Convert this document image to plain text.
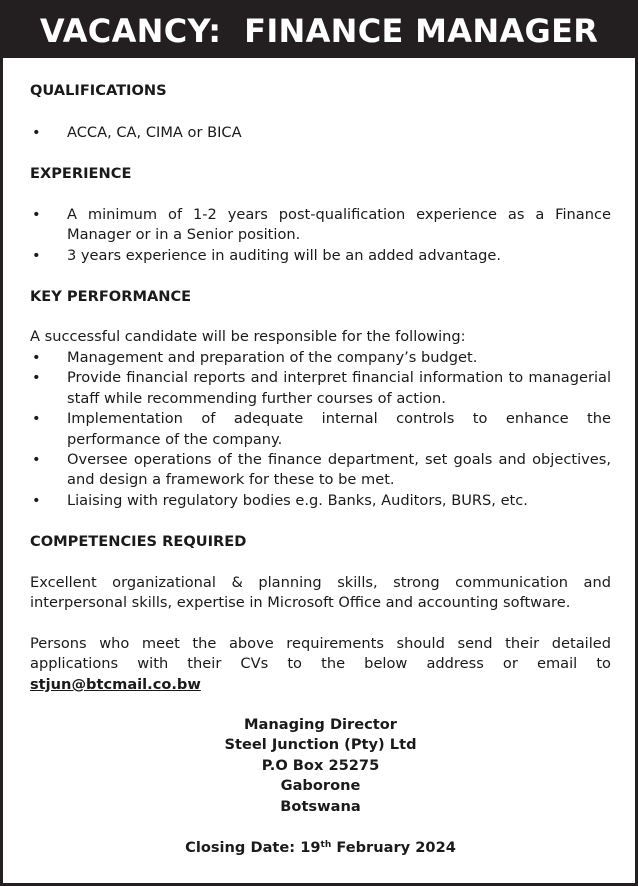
VACANCY:  FINANCE MANAGER
QUALIFICATIONS
• ACCA, CA, CIMA or BICA
EXPERIENCE
• A minimum of 1-2 years post-qualification experience as a Finance Manager or in a Senior position.
• 3 years experience in auditing will be an added advantage.
KEY PERFORMANCE

A successful candidate will be responsible for the following:

• Management and preparation of the company’s budget.
• Provide financial reports and interpret financial information to managerial staff while recommending further courses of action.
• Implementation of adequate internal controls to enhance the performance of the company.
• Oversee operations of the finance department, set goals and objectives, and design a framework for these to be met.
• Liaising with regulatory bodies e.g. Banks, Auditors, BURS, etc.
COMPETENCIES REQUIRED

Excellent organizational & planning skills, strong communication and interpersonal skills, expertise in Microsoft Office and accounting software.

Persons who meet the above requirements should send their detailed applications with their CVs to the below address or email to stjun@btcmail.co.bw

Managing Director
Steel Junction (Pty) Ltd
P.O Box 25275
Gaborone
Botswana
Closing Date: 19th February 2024
